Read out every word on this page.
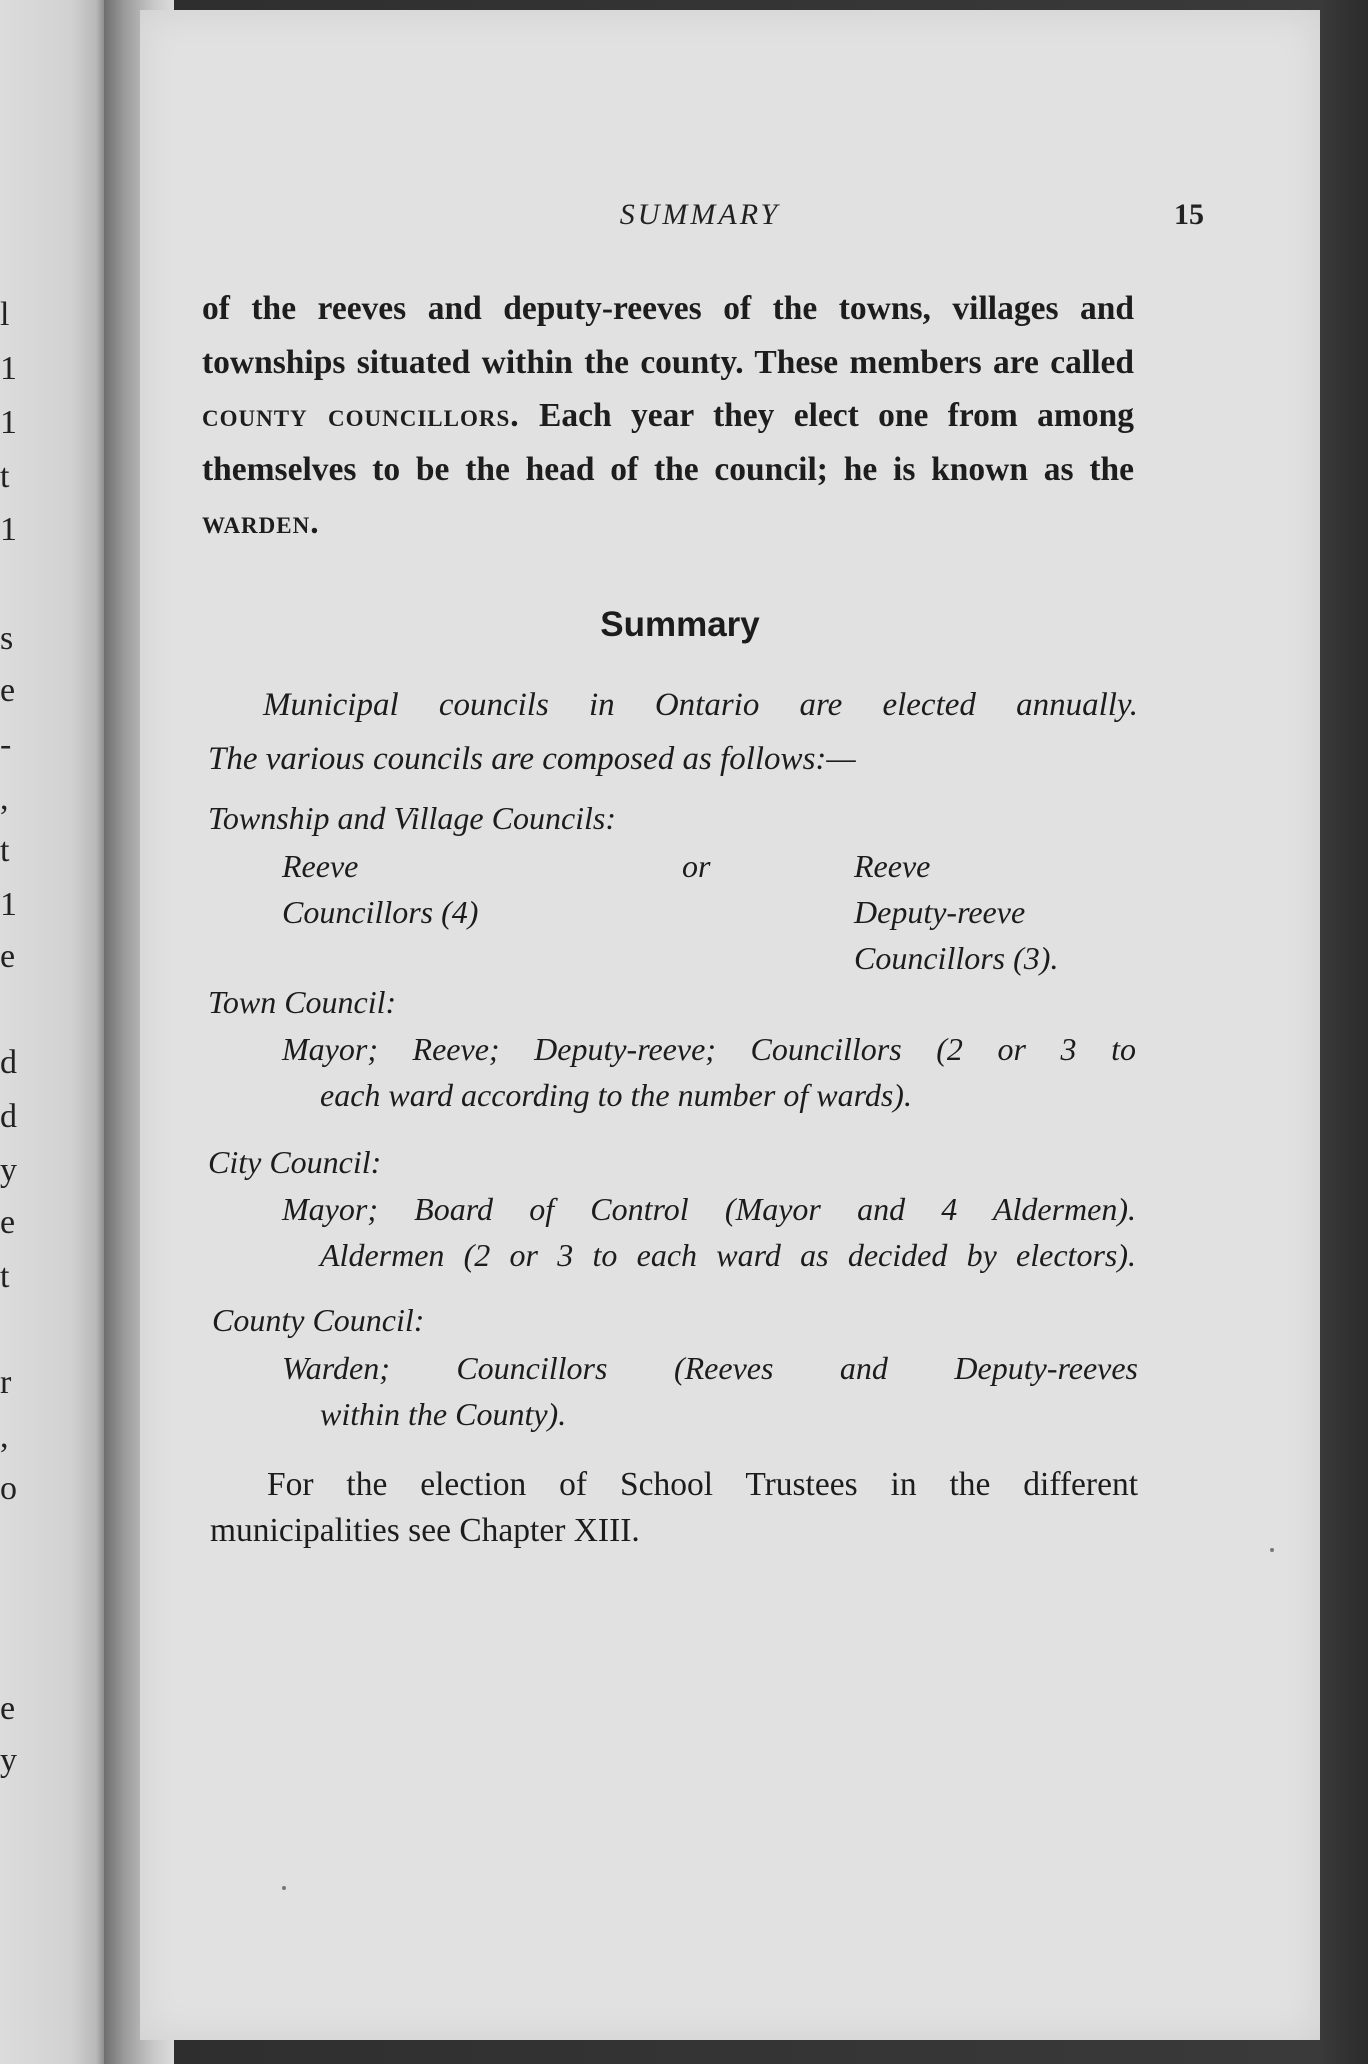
l
1
1
t
1
s
e
-
,
t
1
e
d
d
y
e
t
r
,
o
e
y
SUMMARY	15
of the reeves and deputy-reeves of the towns, villages and townships situated within the county. These members are called county councillors. Each year they elect one from among themselves to be the head of the council; he is known as the warden.
Summary
Municipal councils in Ontario are elected annually.
The various councils are composed as follows:—
Township and Village Councils:
Reeve
Councillors (4)
or	Reeve
Deputy-reeve
Councillors (3).
Town Council:
Mayor; Reeve; Deputy-reeve; Councillors (2 or 3 to
each ward according to the number of wards).
City Council:
Mayor; Board of Control (Mayor and 4 Aldermen).
Aldermen (2 or 3 to each ward as decided by electors).
County Council:
Warden; Councillors (Reeves and Deputy-reeves
within the County).
For the election of School Trustees in the different
municipalities see Chapter XIII.
